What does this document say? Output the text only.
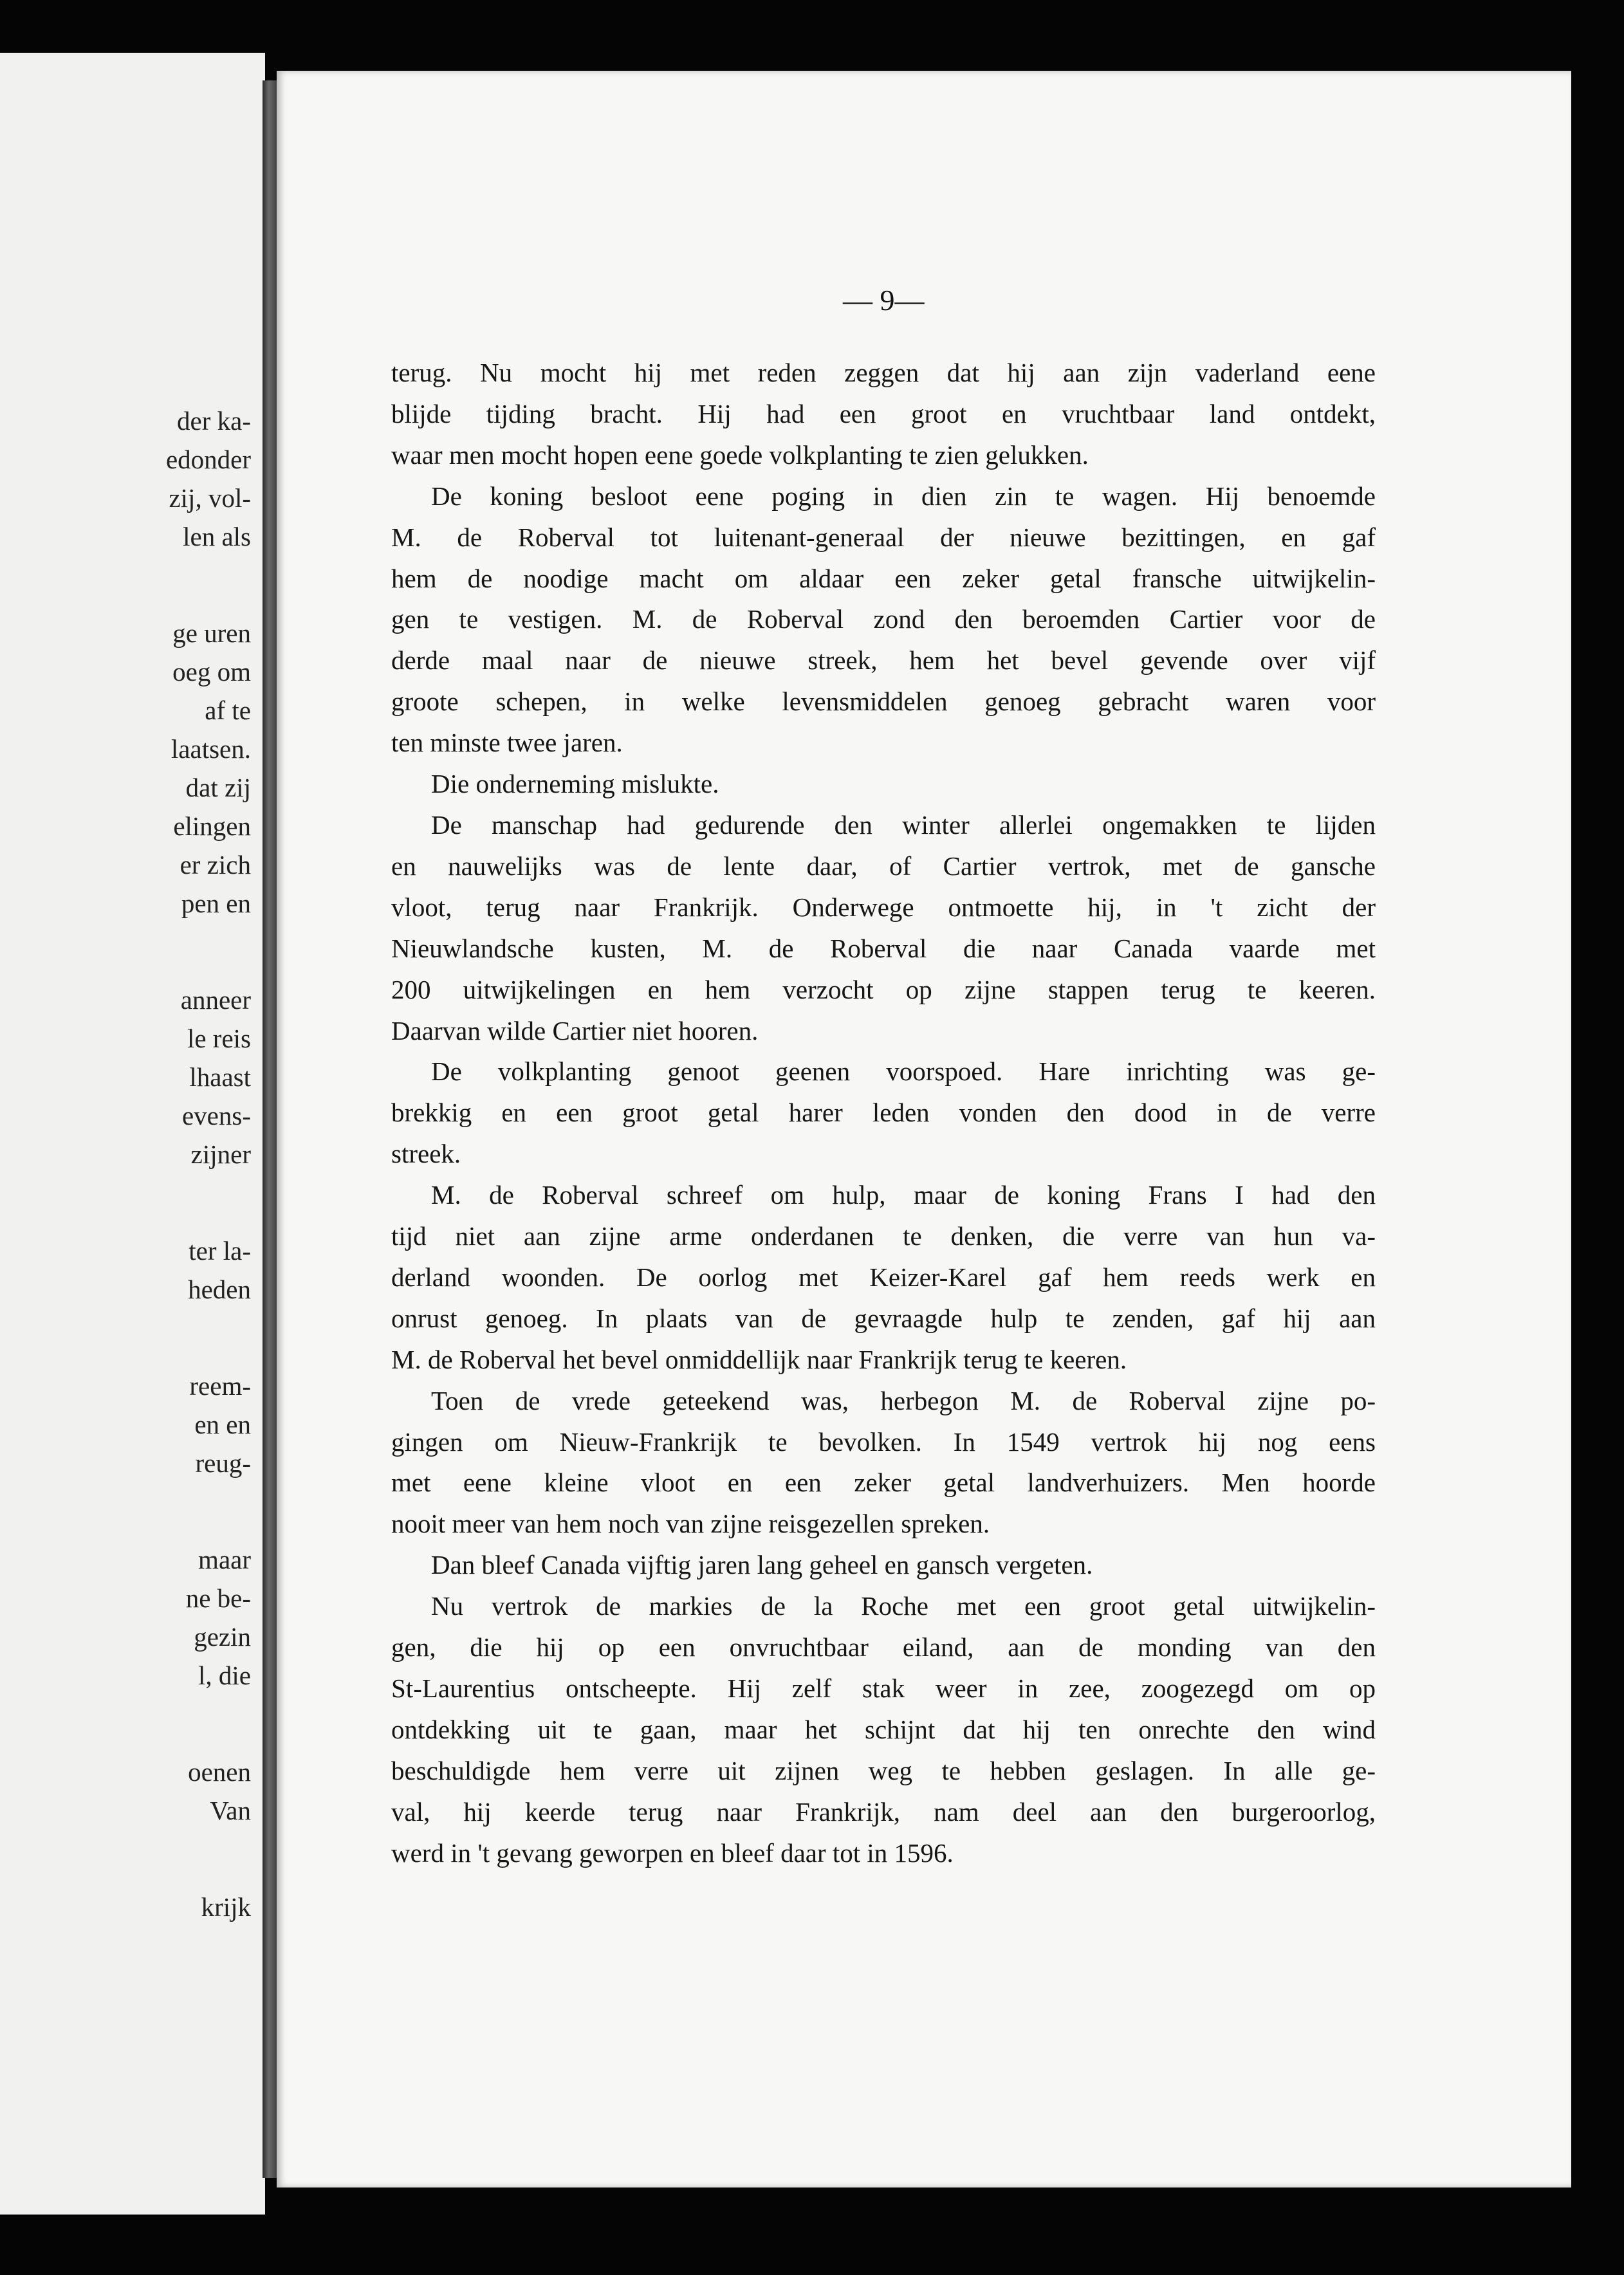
der ka-
edonder
zij, vol-
len als
ge uren
oeg om
af te
laatsen.
dat zij
elingen
er zich
pen en
anneer
le reis
lhaast
evens-
zijner
ter la-
heden
reem-
en en
reug-
maar
ne be-
gezin
l, die
oenen
Van
krijk
— 9—
terug. Nu mocht hij met reden zeggen dat hij aan zijn vaderland eene
blijde tijding bracht. Hij had een groot en vruchtbaar land ontdekt,
waar men mocht hopen eene goede volkplanting te zien gelukken.
De koning besloot eene poging in dien zin te wagen. Hij benoemde
M. de Roberval tot luitenant-generaal der nieuwe bezittingen, en gaf
hem de noodige macht om aldaar een zeker getal fransche uitwijkelin-
gen te vestigen. M. de Roberval zond den beroemden Cartier voor de
derde maal naar de nieuwe streek, hem het bevel gevende over vijf
groote schepen, in welke levensmiddelen genoeg gebracht waren voor
ten minste twee jaren.
Die onderneming mislukte.
De manschap had gedurende den winter allerlei ongemakken te lijden
en nauwelijks was de lente daar, of Cartier vertrok, met de gansche
vloot, terug naar Frankrijk. Onderwege ontmoette hij, in 't zicht der
Nieuwlandsche kusten, M. de Roberval die naar Canada vaarde met
200 uitwijkelingen en hem verzocht op zijne stappen terug te keeren.
Daarvan wilde Cartier niet hooren.
De volkplanting genoot geenen voorspoed. Hare inrichting was ge-
brekkig en een groot getal harer leden vonden den dood in de verre
streek.
M. de Roberval schreef om hulp, maar de koning Frans I had den
tijd niet aan zijne arme onderdanen te denken, die verre van hun va-
derland woonden. De oorlog met Keizer-Karel gaf hem reeds werk en
onrust genoeg. In plaats van de gevraagde hulp te zenden, gaf hij aan
M. de Roberval het bevel onmiddellijk naar Frankrijk terug te keeren.
Toen de vrede geteekend was, herbegon M. de Roberval zijne po-
gingen om Nieuw-Frankrijk te bevolken. In 1549 vertrok hij nog eens
met eene kleine vloot en een zeker getal landverhuizers. Men hoorde
nooit meer van hem noch van zijne reisgezellen spreken.
Dan bleef Canada vijftig jaren lang geheel en gansch vergeten.
Nu vertrok de markies de la Roche met een groot getal uitwijkelin-
gen, die hij op een onvruchtbaar eiland, aan de monding van den
St-Laurentius ontscheepte. Hij zelf stak weer in zee, zoogezegd om op
ontdekking uit te gaan, maar het schijnt dat hij ten onrechte den wind
beschuldigde hem verre uit zijnen weg te hebben geslagen. In alle ge-
val, hij keerde terug naar Frankrijk, nam deel aan den burgeroorlog,
werd in 't gevang geworpen en bleef daar tot in 1596.
